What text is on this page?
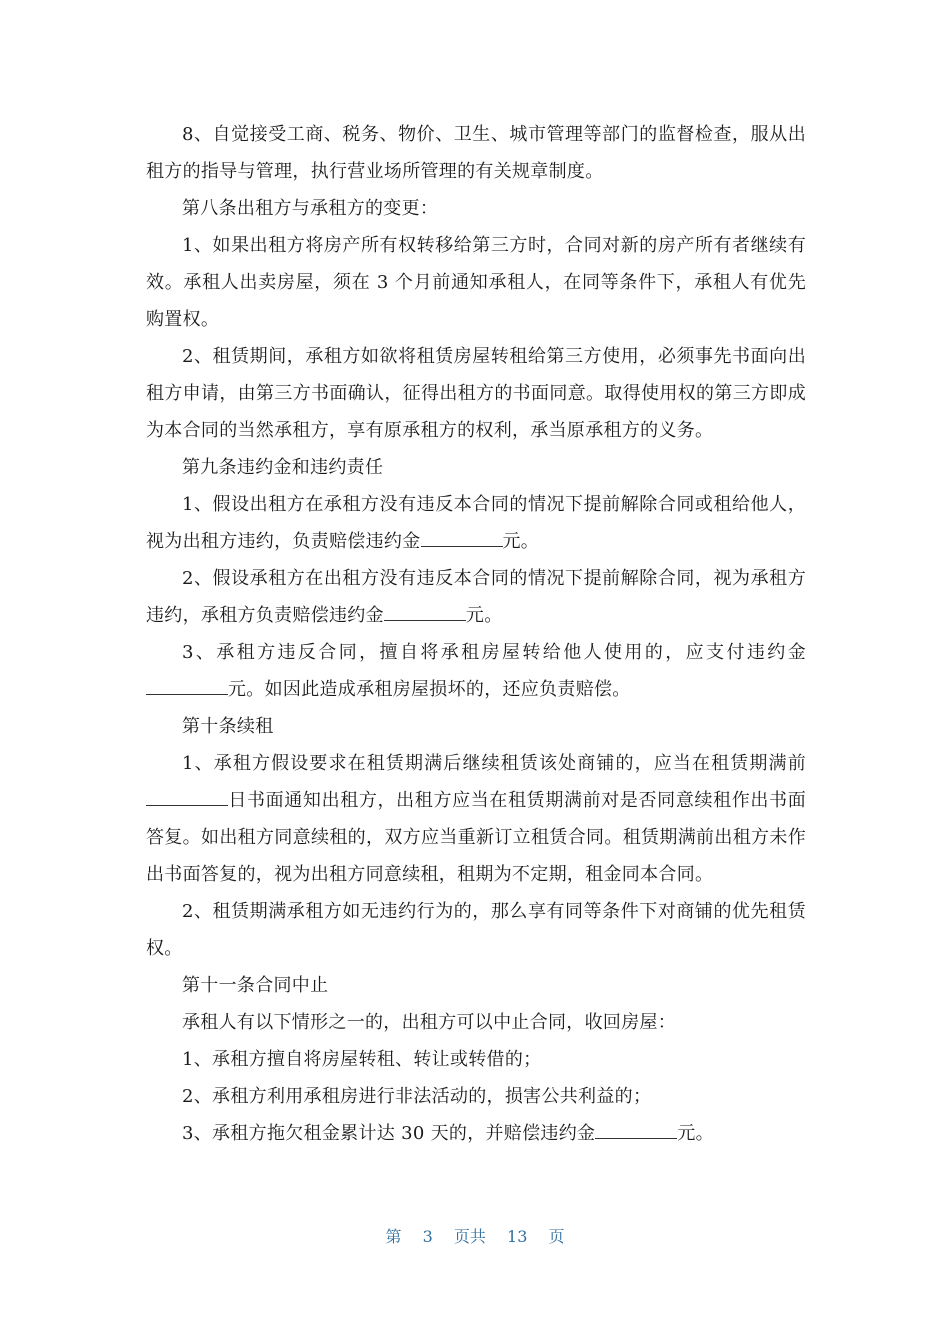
8、自觉接受工商、税务、物价、卫生、城市管理等部门的监督检查，服从出租方的指导与管理，执行营业场所管理的有关规章制度。

第八条出租方与承租方的变更：

1、如果出租方将房产所有权转移给第三方时，合同对新的房产所有者继续有效。承租人出卖房屋，须在 3 个月前通知承租人，在同等条件下，承租人有优先购置权。

2、租赁期间，承租方如欲将租赁房屋转租给第三方使用，必须事先书面向出租方申请，由第三方书面确认，征得出租方的书面同意。取得使用权的第三方即成为本合同的当然承租方，享有原承租方的权利，承当原承租方的义务。

第九条违约金和违约责任

1、假设出租方在承租方没有违反本合同的情况下提前解除合同或租给他人，视为出租方违约，负责赔偿违约金	元。

2、假设承租方在出租方没有违反本合同的情况下提前解除合同，视为承租方违约，承租方负责赔偿违约金	元。

3、承租方违反合同，擅自将承租房屋转给他人使用的，应支付违约金元。如因此造成承租房屋损坏的，还应负责赔偿。

第十条续租

1、承租方假设要求在租赁期满后继续租赁该处商铺的，应当在租赁期满前日书面通知出租方，出租方应当在租赁期满前对是否同意续租作出书面答复。如出租方同意续租的，双方应当重新订立租赁合同。租赁期满前出租方未作出书面答复的，视为出租方同意续租，租期为不定期，租金同本合同。

2、租赁期满承租方如无违约行为的，那么享有同等条件下对商铺的优先租赁权。

第十一条合同中止

承租人有以下情形之一的，出租方可以中止合同，收回房屋：

1、承租方擅自将房屋转租、转让或转借的；

2、承租方利用承租房进行非法活动的，损害公共利益的；

3、承租方拖欠租金累计达 30 天的，并赔偿违约金	元。

第 3 页共 13 页
